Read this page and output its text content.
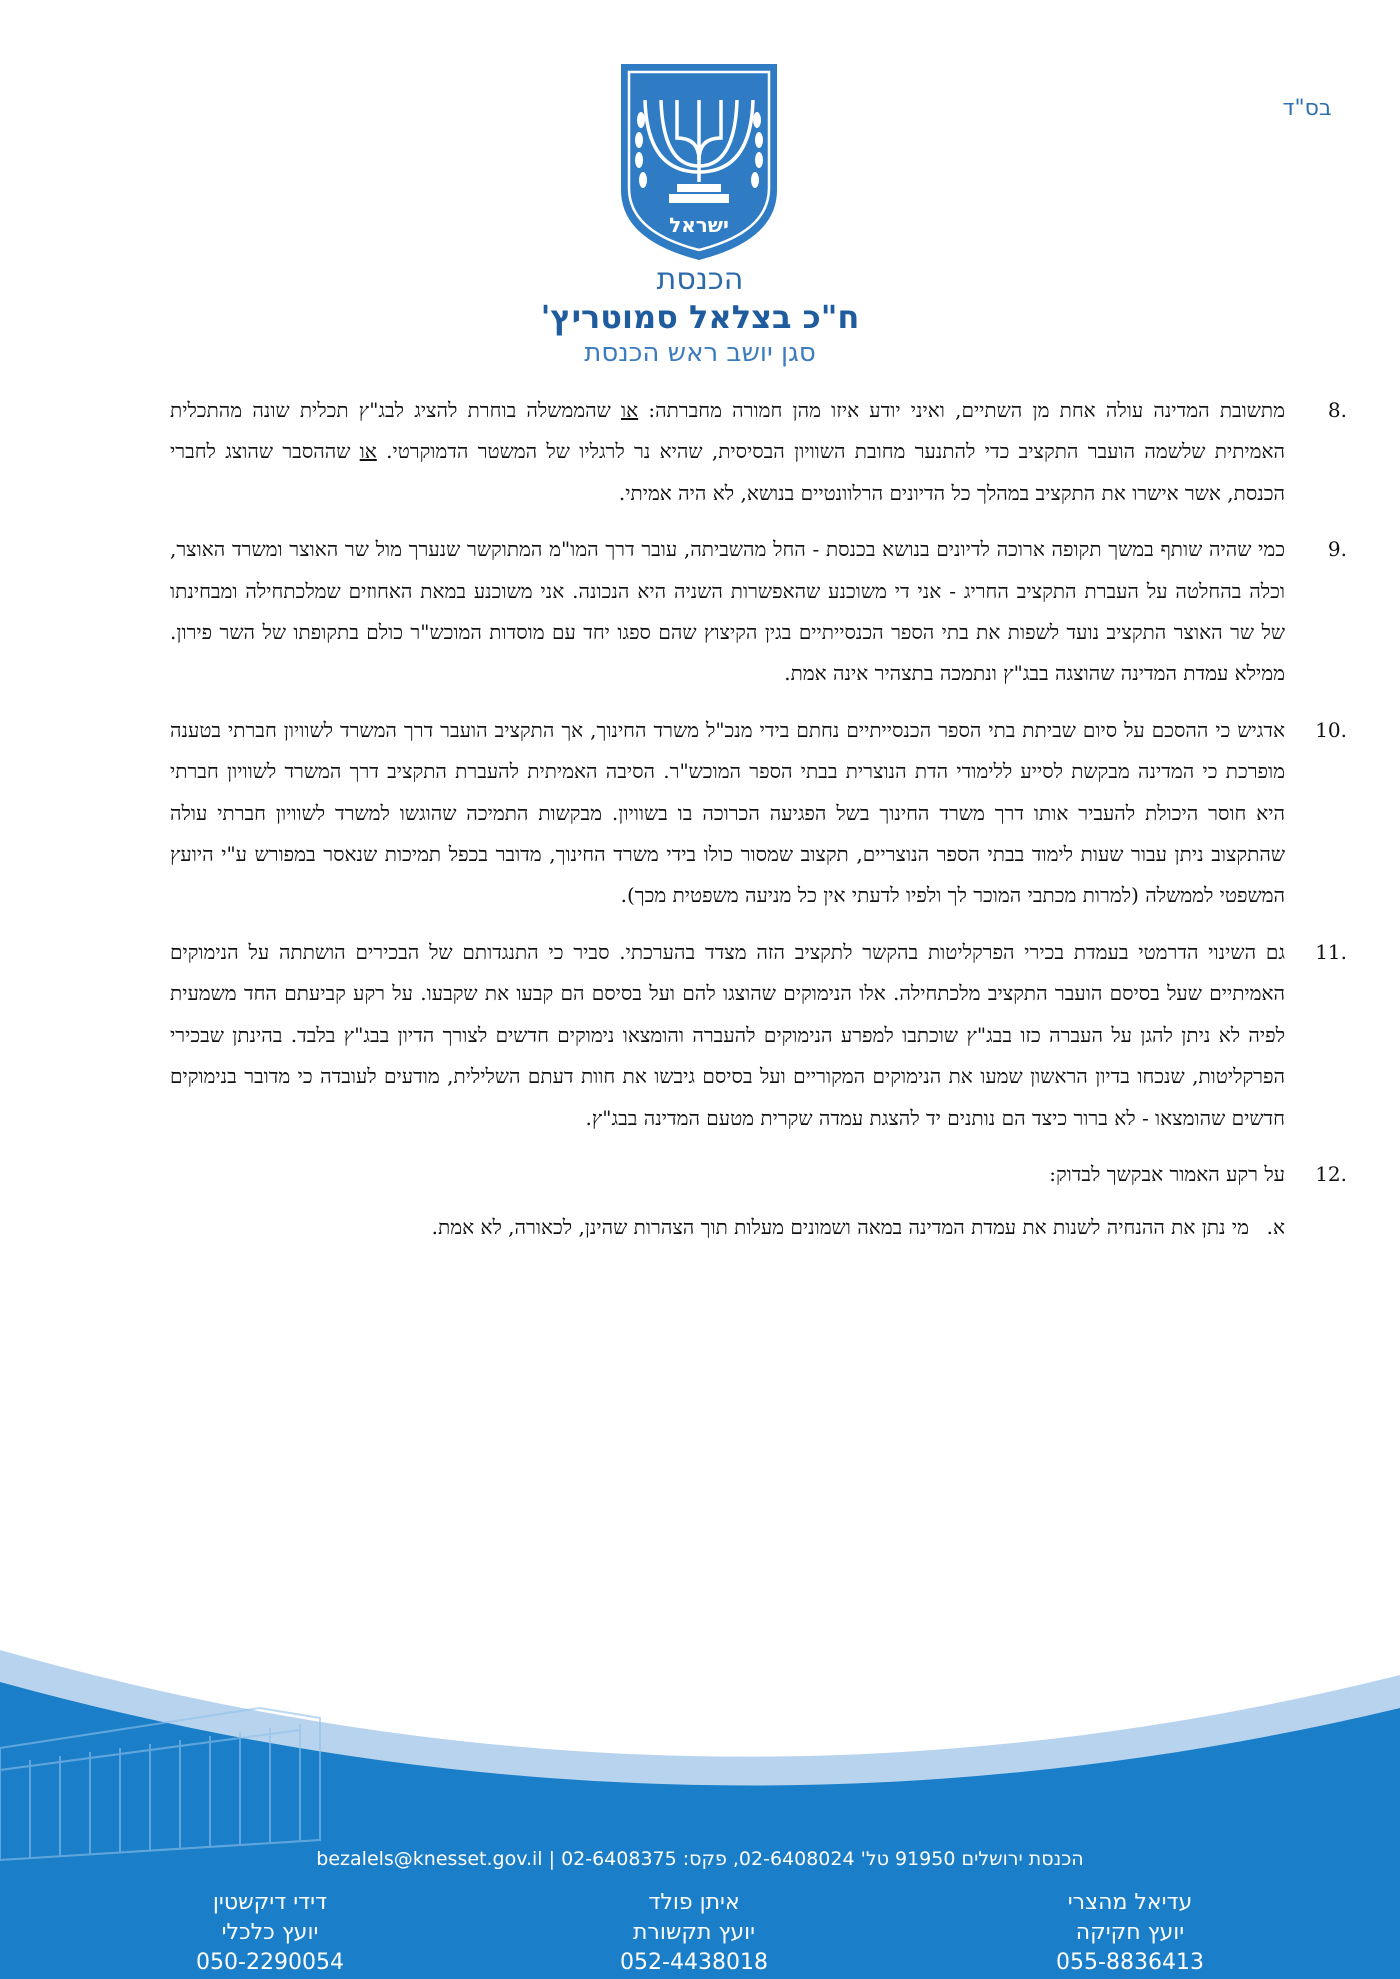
בס"ד
ישראל
הכנסת
ח"כ בצלאל סמוטריץ'
סגן יושב ראש הכנסת
8.
מתשובת המדינה עולה אחת מן השתיים, ואיני יודע איזו מהן חמורה מחברתה: או שהממשלה בוחרת להציג לבג"ץ תכלית שונה מהתכלית האמיתית שלשמה הועבר התקציב כדי להתנער מחובת השוויון הבסיסית, שהיא נר לרגליו של המשטר הדמוקרטי. או שההסבר שהוצג לחברי הכנסת, אשר אישרו את התקציב במהלך כל הדיונים הרלוונטיים בנושא, לא היה אמיתי.
9.
כמי שהיה שותף במשך תקופה ארוכה לדיונים בנושא בכנסת - החל מהשביתה, עובר דרך המו"מ המתוקשר שנערך מול שר האוצר ומשרד האוצר, וכלה בהחלטה על העברת התקציב החריג - אני די משוכנע שהאפשרות השניה היא הנכונה. אני משוכנע במאת האחוזים שמלכתחילה ומבחינתו של שר האוצר התקציב נועד לשפות את בתי הספר הכנסייתיים בגין הקיצוץ שהם ספגו יחד עם מוסדות המוכש"ר כולם בתקופתו של השר פירון. ממילא עמדת המדינה שהוצגה בבג"ץ ונתמכה בתצהיר אינה אמת.
10.
אדגיש כי ההסכם על סיום שביתת בתי הספר הכנסייתיים נחתם בידי מנכ"ל משרד החינוך, אך התקציב הועבר דרך המשרד לשוויון חברתי בטענה מופרכת כי המדינה מבקשת לסייע ללימודי הדת הנוצרית בבתי הספר המוכש"ר. הסיבה האמיתית להעברת התקציב דרך המשרד לשוויון חברתי היא חוסר היכולת להעביר אותו דרך משרד החינוך בשל הפגיעה הכרוכה בו בשוויון. מבקשות התמיכה שהוגשו למשרד לשוויון חברתי עולה שהתקצוב ניתן עבור שעות לימוד בבתי הספר הנוצריים, תקצוב שמסור כולו בידי משרד החינוך, מדובר בכפל תמיכות שנאסר במפורש ע"י היועץ המשפטי לממשלה (למרות מכתבי המוכר לך ולפיו לדעתי אין כל מניעה משפטית מכך).
11.
גם השינוי הדרמטי בעמדת בכירי הפרקליטות בהקשר לתקציב הזה מצדד בהערכתי. סביר כי התנגדותם של הבכירים הושתתה על הנימוקים האמיתיים שעל בסיסם הועבר התקציב מלכתחילה. אלו הנימוקים שהוצגו להם ועל בסיסם הם קבעו את שקבעו. על רקע קביעתם החד משמעית לפיה לא ניתן להגן על העברה כזו בבג"ץ שוכתבו למפרע הנימוקים להעברה והומצאו נימוקים חדשים לצורך הדיון בבג"ץ בלבד. בהינתן שבכירי הפרקליטות, שנכחו בדיון הראשון שמעו את הנימוקים המקוריים ועל בסיסם גיבשו את חוות דעתם השלילית, מודעים לעובדה כי מדובר בנימוקים חדשים שהומצאו - לא ברור כיצד הם נותנים יד להצגת עמדה שקרית מטעם המדינה בבג"ץ.
12.
על רקע האמור אבקשך לבדוק:
א.
מי נתן את ההנחיה לשנות את עמדת המדינה במאה ושמונים מעלות תוך הצהרות שהינן, לכאורה, לא אמת.
הכנסת ירושלים 91950 טל' 02-6408024, פקס: 02-6408375 | bezalels@knesset.gov.il
עדיאל מהצרי
יועץ חקיקה
055-8836413
איתן פולד
יועץ תקשורת
052-4438018
דידי דיקשטין
יועץ כלכלי
050-2290054
